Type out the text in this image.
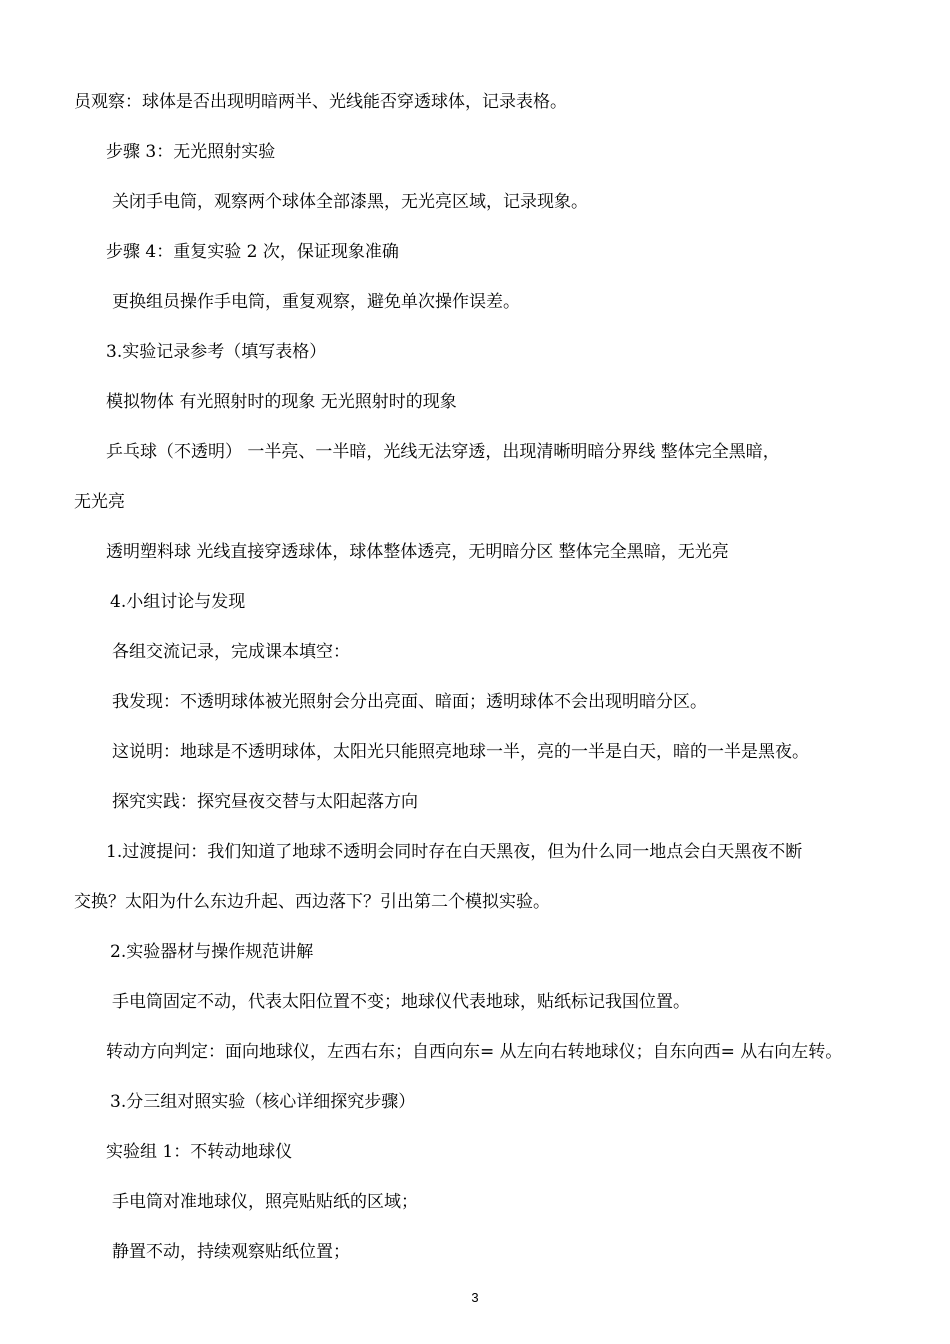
员观察：球体是否出现明暗两半、光线能否穿透球体，记录表格。
步骤 3：无光照射实验
关闭手电筒，观察两个球体全部漆黑，无光亮区域，记录现象。
步骤 4：重复实验 2 次，保证现象准确
更换组员操作手电筒，重复观察，避免单次操作误差。
3.实验记录参考（填写表格）
模拟物体 有光照射时的现象 无光照射时的现象
乒乓球（不透明） 一半亮、一半暗，光线无法穿透，出现清晰明暗分界线 整体完全黑暗，
无光亮
透明塑料球 光线直接穿透球体，球体整体透亮，无明暗分区 整体完全黑暗，无光亮
4.小组讨论与发现
各组交流记录，完成课本填空：
我发现：不透明球体被光照射会分出亮面、暗面；透明球体不会出现明暗分区。
这说明：地球是不透明球体，太阳光只能照亮地球一半，亮的一半是白天，暗的一半是黑夜。
探究实践：探究昼夜交替与太阳起落方向
1.过渡提问：我们知道了地球不透明会同时存在白天黑夜，但为什么同一地点会白天黑夜不断
交换？太阳为什么东边升起、西边落下？引出第二个模拟实验。
2.实验器材与操作规范讲解
手电筒固定不动，代表太阳位置不变；地球仪代表地球，贴纸标记我国位置。
转动方向判定：面向地球仪，左西右东；自西向东= 从左向右转地球仪；自东向西= 从右向左转。
3.分三组对照实验（核心详细探究步骤）
实验组 1：不转动地球仪
手电筒对准地球仪，照亮贴贴纸的区域；
静置不动，持续观察贴纸位置；
3
